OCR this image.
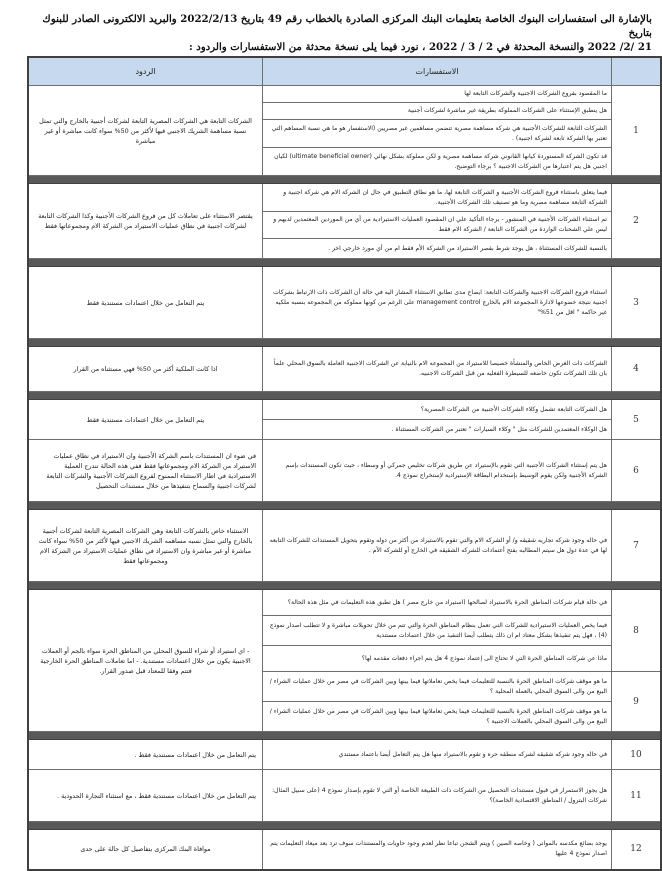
بالإشارة الى استفسارات البنوك الخاصة بتعليمات البنك المركزى الصادرة بالخطاب رقم 49 بتاريخ 2022/2/13 والبريد الالكترونى الصادر للبنوك بتاريخ
21 /2/ 2022 والنسخة المحدثة في 2 / 3 / 2022 ، نورد فيما يلى نسخة محدثة من الاستفسارات والردود :
	الاستفسارات	الردود
1	ما المقصود بفروع الشركات الاجنبية والشركات التابعة لها	الشركات التابعة هي الشركات المصرية التابعة لشركات أجنبية بالخارج والتي تمثل نسبة مساهمة الشريك الاجنبي فيها لأكثر من 50% سواء كانت مباشرة أو غير مباشرة
	هل ينطبق الإستثناء على الشركات المملوكة بطريقة غير مباشرة لشركات أجنبية	
	الشركات التابعة للشركات الأجنبية هي شركة مساهمة مصرية تتضمن مساهمين غير مصريين (الاستفسار هو ما هي نسبة المساهم التي تعتبر بها الشركة تابعة لشركة اجنبية) .	
	قد تكون الشركة المستوردة كيانها القانوني شركة مساهمة مصرية و لكن مملوكة بشكل نهائي (ultimate beneficial owner) لكيان اجنبي هل يتم اعتبارها من الشركات الاجنبية ؟ برجاء التوضيح.	

2	فيما يتعلق باستثناء فروع الشركات الأجنبية و الشركات التابعة لها، ما هو نطاق التطبيق في حال ان الشركة الام هي شركة اجنبية و الشركة التابعة مساهمة مصرية وما هو تصنيف تلك الشركات الأجنبية.	يقتصر الاستثناء على تعاملات كل من فروع الشركات الأجنبية وكذا الشركات التابعة لشركات اجنبية في نطاق عمليات الاستيراد من الشركة الام ومجموعاتها فقط
	تم استثناء الشركات الأجنبية في المنشور - برجاء التأكيد علي ان المقصود العمليات الاستيرادية من أي من الموردين المعتمدين لديهم و ليس علي الشحنات الواردة من الشركات التابعة / الشركة الام فقط	
	بالنسبة للشركات المستثناة ، هل يوجد شرط بقصر الاستيراد من الشركة الأم فقط ام من أي مورد خارجي اخر .	

3	استثناء فروع الشركات الاجنبية والشركات التابعة: ايضاح مدى تطابق الاستثناء المشار اليه في حالة أن الشركات ذات الارتباط بشركات اجنبية نتيجة خضوعها لادارة المجموعة الام بالخارج management control على الرغم من كونها مملوكه من المجموعه بنسبه ملكيه غير حاكمة " اقل من 51%"	يتم التعامل من خلال اعتمادات مستندية فقط

4	الشركات ذات الغرض الخاص والمنشأة خصيصا للاستيراد من المجموعه الام بالنيابة عن الشركات الاجنبية العاملة بالسوق المحلي علماً بان تلك الشركات تكون خاضعه للسيطرة الفعليه من قبل الشركات الاجنبيه.	اذا كانت الملكية أكثر من 50% فهي مستثناه من القرار

5	هل الشركات التابعة تشمل وكلاء الشركات الأجنبية من الشركات المصرية؟	يتم التعامل من خلال اعتمادات مستندية فقط
	هل الوكلاء المعتمدين للشركات مثل " وكلاء السيارات " تعتبر من الشركات المستثناة .	
6	هل يتم إستثناء الشركات الأجنبية التي تقوم بالإستيراد عن طريق شركات تخليص جمركي أو وسطاء ، حيث تكون المستندات بإسم الشركة الأجنبية ولكن يقوم الوسيط بإستخدام البطاقة الإستيرادية لإستخراج نموذج 4.	في ضوء ان المستندات باسم الشركة الأجنبية وان الاستيراد في نطاق عمليات الاستيراد من الشركة الام ومجموعاتها فقط ففي هذه الحالة تندرج العملية الاستيرادية في اطار الاستثناء الممنوح لفروع الشركات الأجنبية والشركات التابعة لشركات اجنبية والسماح بتنفيذها من خلال مستندات التحصيل

7	في حاله وجود شركه تجاريه شقيقه و/ أو الشركه الام والتي تقوم بالاستيراد من أكثر من دوله وتقوم بتحويل المستندات للشركات التابعه لها في عدة دول هل سيتم المطالبه بفتح أعتمادات للشركه الشقيقه في الخارج أو للشركه الأم .	الاستثناء خاص بالشركات التابعة وهي الشركات المصرية التابعة لشركات أجنبية بالخارج والتي تمثل نسبه مساهمه الشريك الاجنبي فيها لأكثر من 50% سواء كانت مباشرة أو غير مباشرة وان الاستيراد في نطاق عمليات الاستيراد من الشركة الام ومجموعاتها فقط

8	في حالة قيام شركات المناطق الحرة بالاستيراد لصالحها (استيراد من خارج مصر ) هل تطبق هذه التعليمات في مثل هذه الحالة؟	- اي استيراد أو شراء للسوق المحلي من المناطق الحرة سواء بالجم أو العملات الاجنبية يكون من خلال اعتمادات مستندية. - اما تعاملات المناطق الحرة الخارجية فتتم وفقا للمعتاد قبل صدور القرار.
	فيما يخص العمليات الاستيرادية للشركات التي تعمل بنظام المناطق الحرة والتي تتم من خلال تحويلات مباشرة و لا تتطلب اصدار نموذج (4) ، فهل يتم تنفيذها بشكل معتاد ام ان ذلك يتطلب أيضا التنفيذ من خلال اعتمادات مستندية	
	ماذا عن شركات المناطق الحرة التي لا تحتاج الى إعتماد نموذج 4 هل يتم اجراء دفعات مقدمه لها؟	
9	ما هو موقف شركات المناطق الحرة بالنسبة للتعليمات فيما يخص تعاملاتها فيما بينها وبين الشركات في مصر من خلال عمليات الشراء / البيع من والى السوق المحلي بالعملة المحلية ؟	
	ما هو موقف شركات المناطق الحرة بالنسبة للتعليمات فيما يخص تعاملاتها فيما بينها وبين الشركات في مصر من خلال عمليات الشراء / البيع من والى السوق المحلي بالعملات الاجنبية ؟	

10	في حاله وجود شركه شقيقه لشركه منطقه حره و تقوم بالاستيراد منها هل يتم التعامل أيضا باعتماد مستندي	يتم التعامل من خلال اعتمادات مستندية فقط .
11	هل يجوز الاستمرار في قبول مستندات التحصيل من الشركات ذات الطبيعة الخاصة أو التي لا تقوم بإصدار نموذج 4 (على سبيل المثال: شركات البترول / المناطق الاقتصادية الخاصة)؟	يتم التعامل من خلال اعتمادات مستندية فقط ، مع استثناء التجارة الحدودية .

12	يوجد بضائع مكدسه بالموانى ( وخاصه الصين ) ويتم الشحن تباعا نظر لعدم وجود حاويات والمستندات سوف ترد بعد ميعاد التعليمات يتم اصدار نموذج 4 عليها	موافاة البنك المركزى بتفاصيل كل حالة على حدى
